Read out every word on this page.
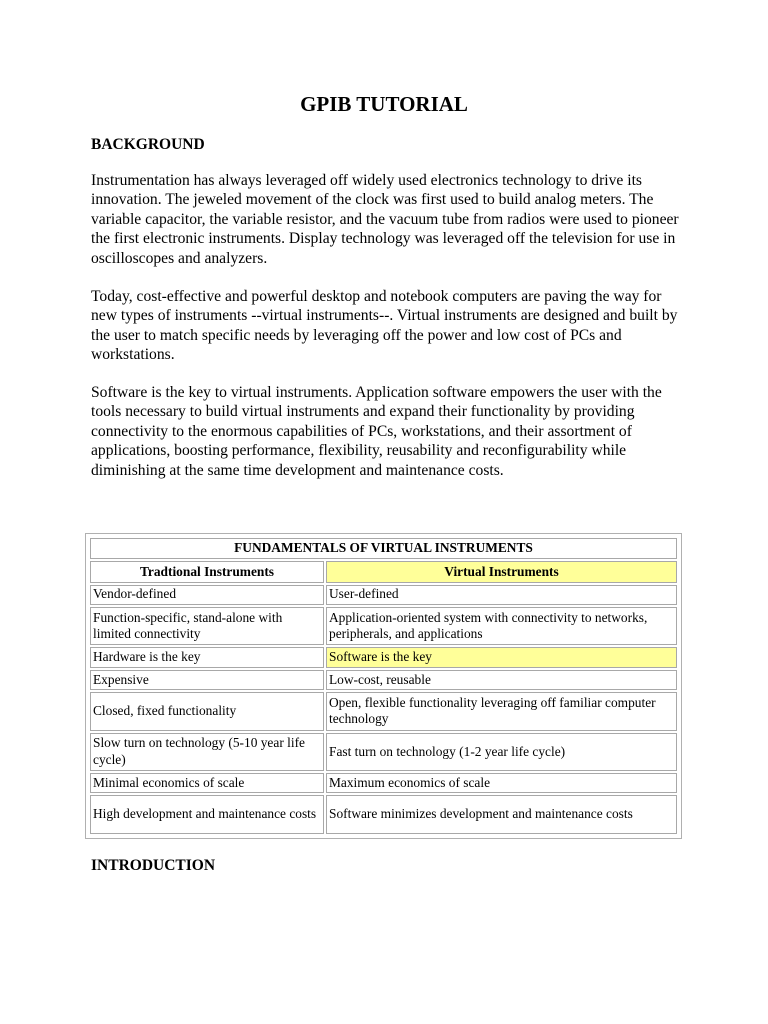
GPIB TUTORIAL
BACKGROUND
Instrumentation has always leveraged off widely used electronics technology to drive its innovation. The jeweled movement of the clock was first used to build analog meters. The variable capacitor, the variable resistor, and the vacuum tube from radios were used to pioneer the first electronic instruments. Display technology was leveraged off the television for use in oscilloscopes and analyzers.
Today, cost-effective and powerful desktop and notebook computers are paving the way for new types of instruments --virtual instruments--. Virtual instruments are designed and built by the user to match specific needs by leveraging off the power and low cost of PCs and workstations.
Software is the key to virtual instruments. Application software empowers the user with the tools necessary to build virtual instruments and expand their functionality by providing connectivity to the enormous capabilities of PCs, workstations, and their assortment of applications, boosting performance, flexibility, reusability and reconfigurability while diminishing at the same time development and maintenance costs.
FUNDAMENTALS OF VIRTUAL INSTRUMENTS	
Tradtional Instruments	Virtual Instruments
Vendor-defined	User-defined
Function-specific, stand-alone with limited connectivity	Application-oriented system with connectivity to networks, peripherals, and applications
Hardware is the key	Software is the key
Expensive	Low-cost, reusable
Closed, fixed functionality	Open, flexible functionality leveraging off familiar computer technology
Slow turn on technology (5-10 year life cycle)	Fast turn on technology (1-2 year life cycle)
Minimal economics of scale	Maximum economics of scale
High development and maintenance costs	Software minimizes development and maintenance costs
INTRODUCTION
